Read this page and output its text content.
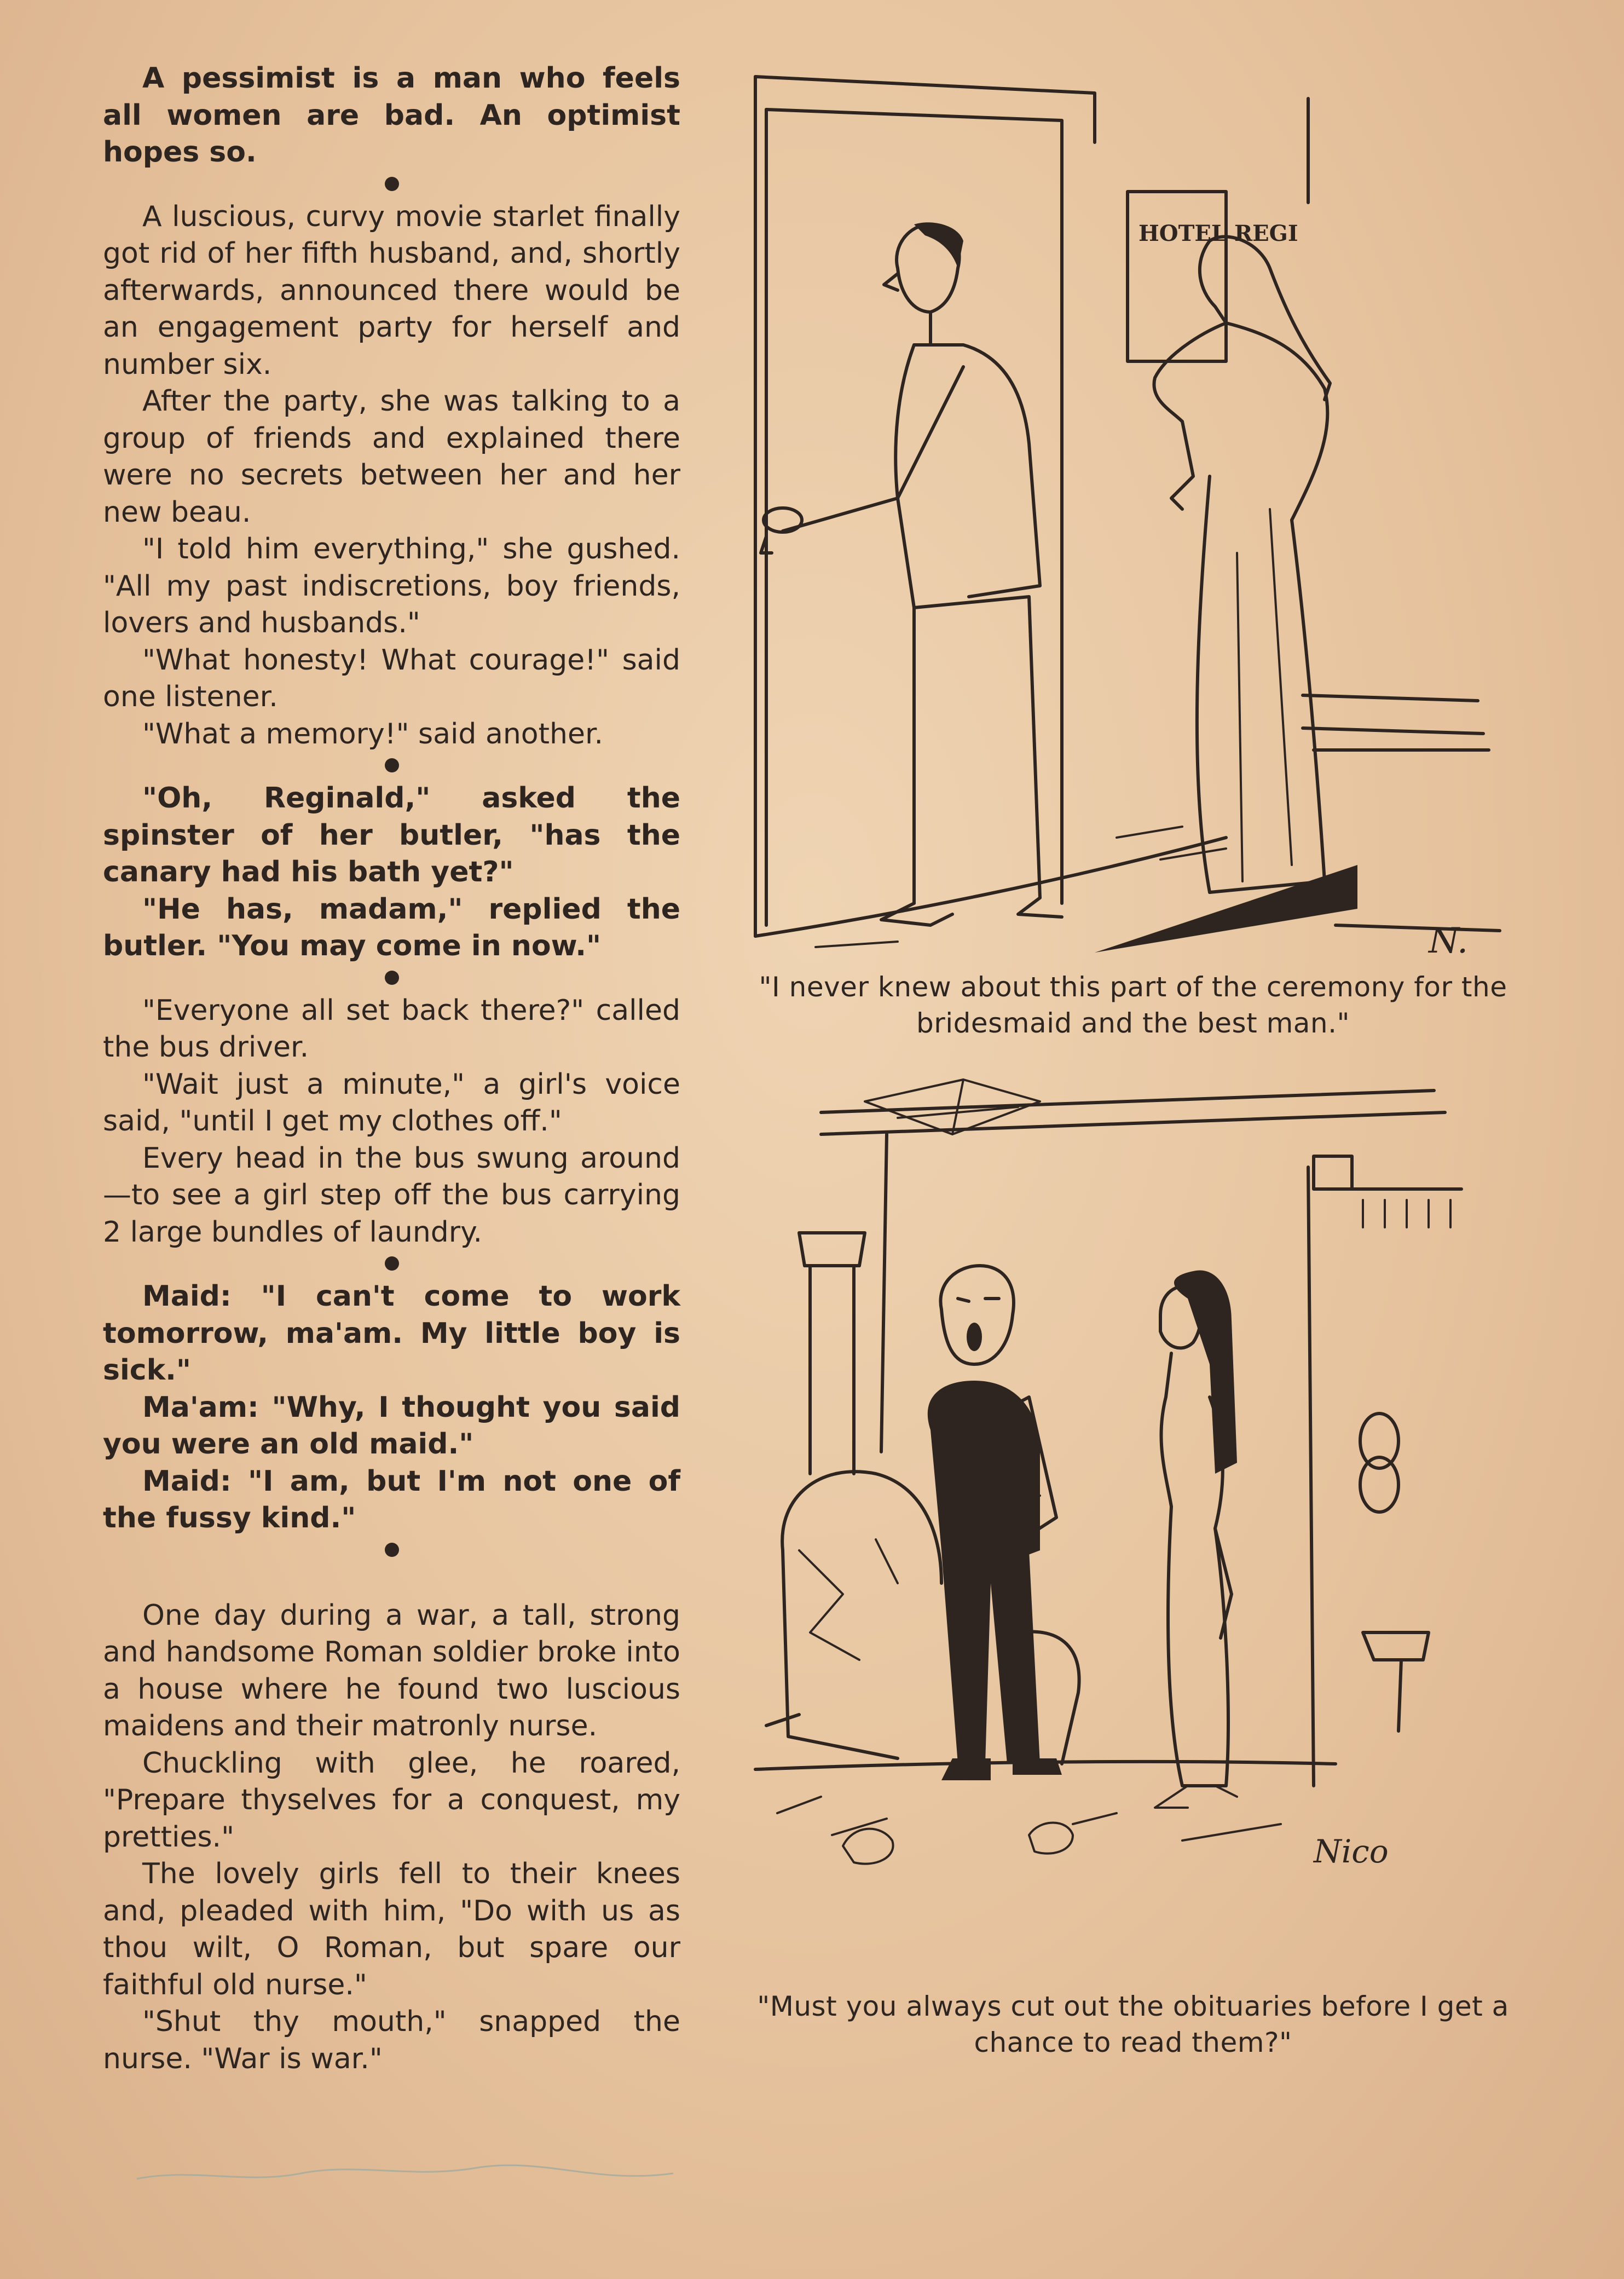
A pessimist is a man who feels all women are bad. An optimist hopes so.

A luscious, curvy movie starlet finally got rid of her fifth husband, and, shortly afterwards, announced there would be an engagement party for herself and number six.

After the party, she was talking to a group of friends and explained there were no secrets between her and her new beau.

"I told him everything," she gushed. "All my past indiscretions, boy friends, lovers and husbands."

"What honesty! What courage!" said one listener.

"What a memory!" said another.

"Oh, Reginald," asked the spinster of her butler, "has the canary had his bath yet?"

"He has, madam," replied the butler. "You may come in now."

"Everyone all set back there?" called the bus driver.

"Wait just a minute," a girl's voice said, "until I get my clothes off."

Every head in the bus swung around —to see a girl step off the bus carrying 2 large bundles of laundry.

Maid: "I can't come to work tomorrow, ma'am. My little boy is sick."

Ma'am: "Why, I thought you said you were an old maid."

Maid: "I am, but I'm not one of the fussy kind."

One day during a war, a tall, strong and handsome Roman soldier broke into a house where he found two luscious maidens and their matronly nurse.

Chuckling with glee, he roared, "Prepare thyselves for a conquest, my pretties."

The lovely girls fell to their knees and, pleaded with him, "Do with us as thou wilt, O Roman, but spare our faithful old nurse."

"Shut thy mouth," snapped the nurse. "War is war."

HOTEL REGI
N.

"I never knew about this part of the ceremony for the bridesmaid and the best man."

Nico

"Must you always cut out the obituaries before I get a chance to read them?"
